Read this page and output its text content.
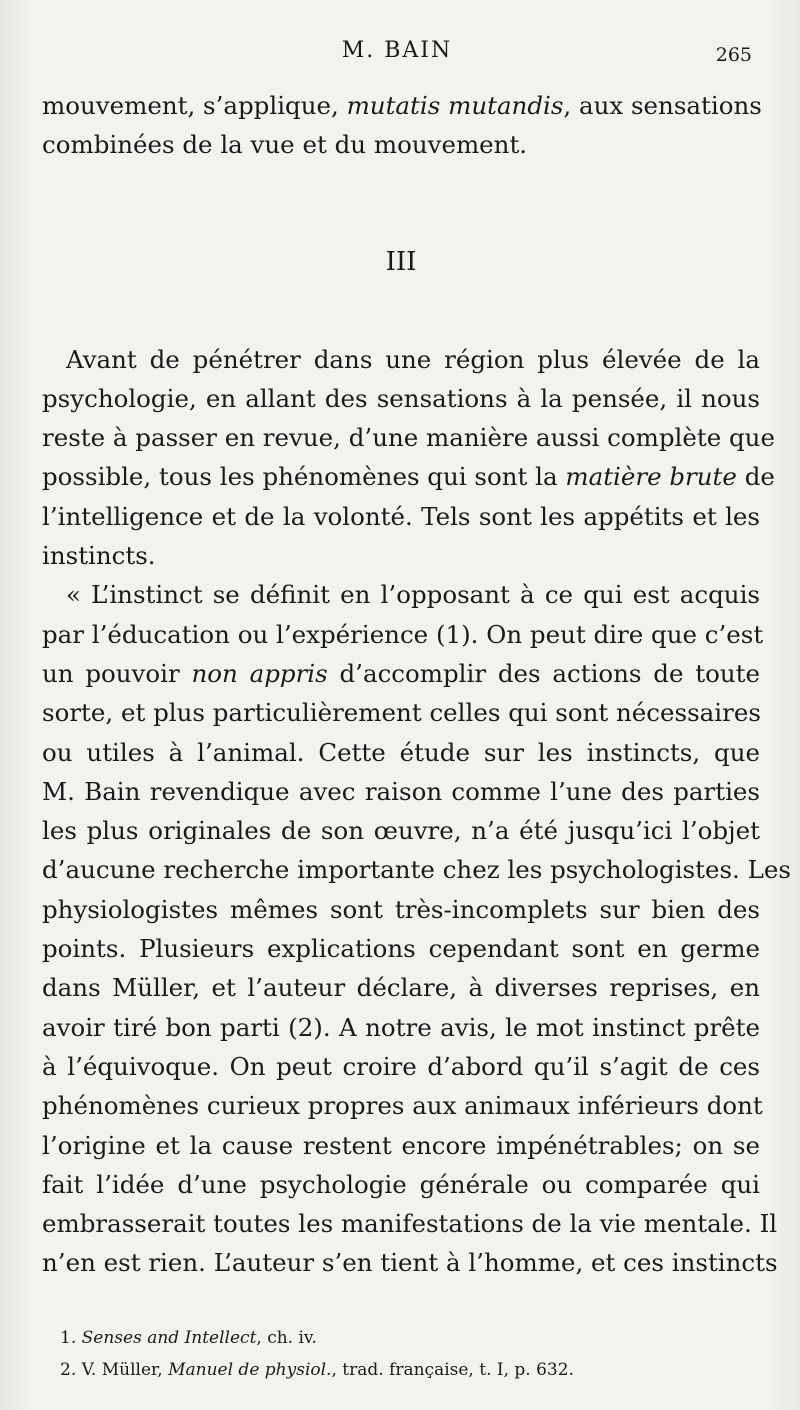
M. BAIN	265

mouvement, s’applique, mutatis mutandis, aux sensations
combinées de la vue et du mouvement.

III

Avant de pénétrer dans une région plus élevée de la
psychologie, en allant des sensations à la pensée, il nous
reste à passer en revue, d’une manière aussi complète que
possible, tous les phénomènes qui sont la matière brute de
l’intelligence et de la volonté. Tels sont les appétits et les
instincts.

« L’instinct se définit en l’opposant à ce qui est acquis
par l’éducation ou l’expérience (1). On peut dire que c’est
un pouvoir non appris d’accomplir des actions de toute
sorte, et plus particulièrement celles qui sont nécessaires
ou utiles à l’animal. Cette étude sur les instincts, que
M. Bain revendique avec raison comme l’une des parties
les plus originales de son œuvre, n’a été jusqu’ici l’objet
d’aucune recherche importante chez les psychologistes. Les
physiologistes mêmes sont très-incomplets sur bien des
points. Plusieurs explications cependant sont en germe
dans Müller, et l’auteur déclare, à diverses reprises, en
avoir tiré bon parti (2). A notre avis, le mot instinct prête
à l’équivoque. On peut croire d’abord qu’il s’agit de ces
phénomènes curieux propres aux animaux inférieurs dont
l’origine et la cause restent encore impénétrables; on se
fait l’idée d’une psychologie générale ou comparée qui
embrasserait toutes les manifestations de la vie mentale. Il
n’en est rien. L’auteur s’en tient à l’homme, et ces instincts

1. Senses and Intellect, ch. iv.
2. V. Müller, Manuel de physiol., trad. française, t. I, p. 632.
